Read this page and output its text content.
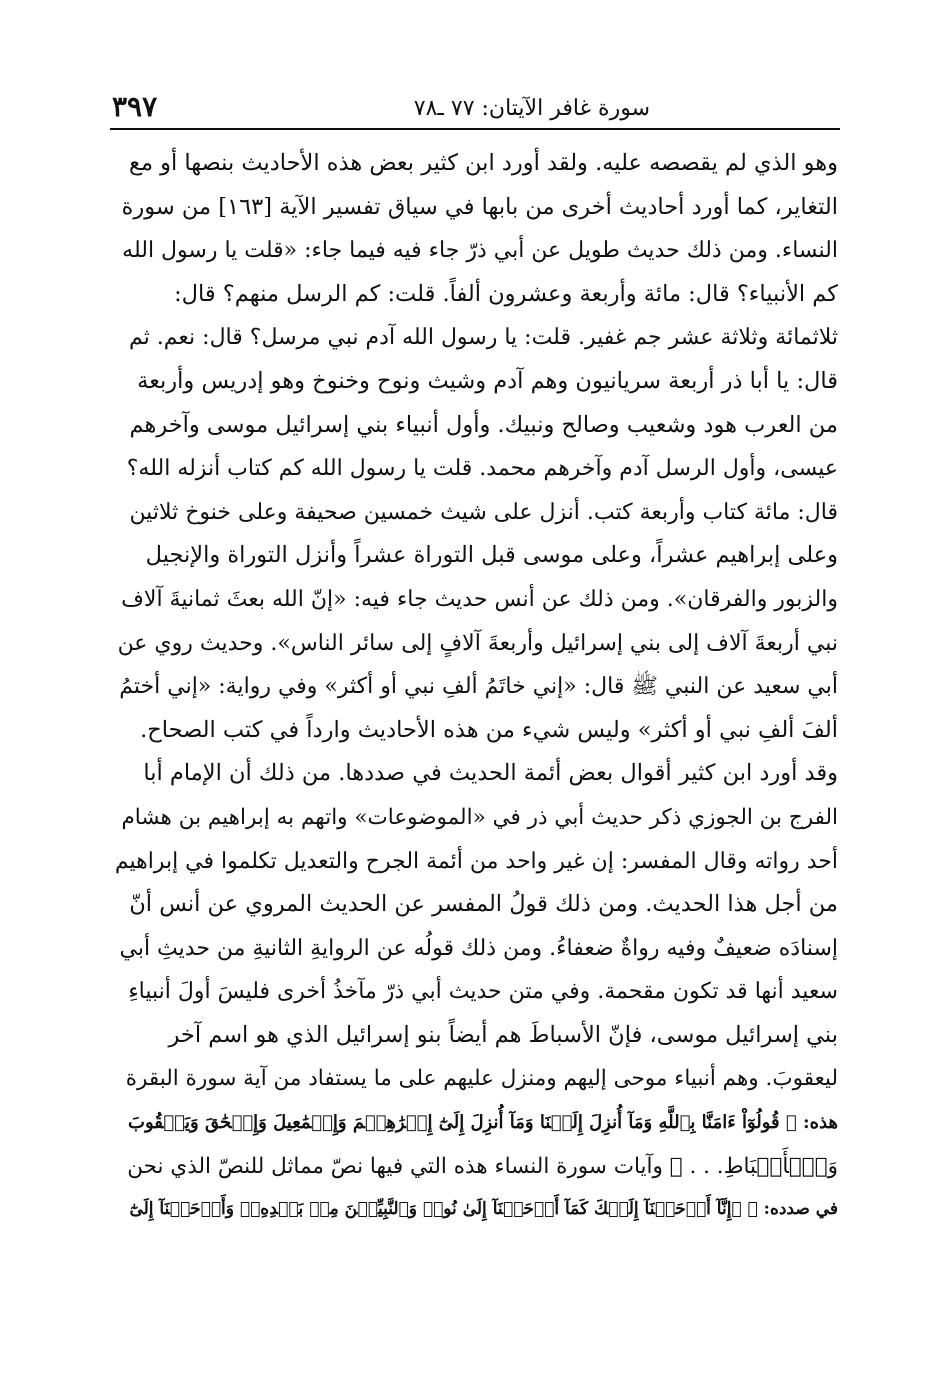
سورة غافر الآيتان: ٧٧ ـ٧٨
٣٩٧
وهو الذي لم يقصصه عليه. ولقد أورد ابن كثير بعض هذه الأحاديث بنصها أو مع
التغاير، كما أورد أحاديث أخرى من بابها في سياق تفسير الآية [١٦٣] من سورة
النساء. ومن ذلك حديث طويل عن أبي ذرّ جاء فيه فيما جاء: «قلت يا رسول الله
كم الأنبياء؟ قال: مائة وأربعة وعشرون ألفاً. قلت: كم الرسل منهم؟ قال:
ثلاثمائة وثلاثة عشر جم غفير. قلت: يا رسول الله آدم نبي مرسل؟ قال: نعم. ثم
قال: يا أبا ذر أربعة سريانيون وهم آدم وشيث ونوح وخنوخ وهو إدريس وأربعة
من العرب هود وشعيب وصالح ونبيك. وأول أنبياء بني إسرائيل موسى وآخرهم
عيسى، وأول الرسل آدم وآخرهم محمد. قلت يا رسول الله كم كتاب أنزله الله؟
قال: مائة كتاب وأربعة كتب. أنزل على شيث خمسين صحيفة وعلى خنوخ ثلاثين
وعلى إبراهيم عشراً، وعلى موسى قبل التوراة عشراً وأنزل التوراة والإنجيل
والزبور والفرقان». ومن ذلك عن أنس حديث جاء فيه: «إنّ الله بعثَ ثمانيةَ آلاف
نبي أربعةَ آلاف إلى بني إسرائيل وأربعةَ آلافٍ إلى سائر الناس». وحديث روي عن
أبي سعيد عن النبي ﷺ قال: «إني خاتَمُ ألفِ نبي أو أكثر» وفي رواية: «إني أختمُ
ألفَ ألفِ نبي أو أكثر» وليس شيء من هذه الأحاديث وارداً في كتب الصحاح.
وقد أورد ابن كثير أقوال بعض أئمة الحديث في صددها. من ذلك أن الإمام أبا
الفرج بن الجوزي ذكر حديث أبي ذر في «الموضوعات» واتهم به إبراهيم بن هشام
أحد رواته وقال المفسر: إن غير واحد من أئمة الجرح والتعديل تكلموا في إبراهيم
من أجل هذا الحديث. ومن ذلك قولُ المفسر عن الحديث المروي عن أنس أنّ
إسنادَه ضعيفٌ وفيه رواةٌ ضعفاءُ. ومن ذلك قولُه عن الروايةِ الثانيةِ من حديثِ أبي
سعيد أنها قد تكون مقحمة. وفي متن حديث أبي ذرّ مآخذُ أخرى فليسَ أولَ أنبياءِ
بني إسرائيل موسى، فإنّ الأسباطَ هم أيضاً بنو إسرائيل الذي هو اسم آخر
ليعقوبَ. وهم أنبياء موحى إليهم ومنزل عليهم على ما يستفاد من آية سورة البقرة
هذه: ﴿ قُولُوٓاْ ءَامَنَّا بِٱللَّهِ وَمَآ أُنزِلَ إِلَيۡنَا وَمَآ أُنزِلَ إِلَىٰٓ إِبۡرَٰهِـۧمَ وَإِسۡمَٰعِيلَ وَإِسۡحَٰقَ وَيَعۡقُوبَ
وَٱلۡأَسۡبَاطِ. . . ﴾ وآيات سورة النساء هذه التي فيها نصّ مماثل للنصّ الذي نحن
في صدده: ﴿ ۞إِنَّآ أَوۡحَيۡنَآ إِلَيۡكَ كَمَآ أَوۡحَيۡنَآ إِلَىٰ نُوحٖ وَٱلنَّبِيِّـۧنَ مِنۢ بَعۡدِهِۦۚ وَأَوۡحَيۡنَآ إِلَىٰٓ
